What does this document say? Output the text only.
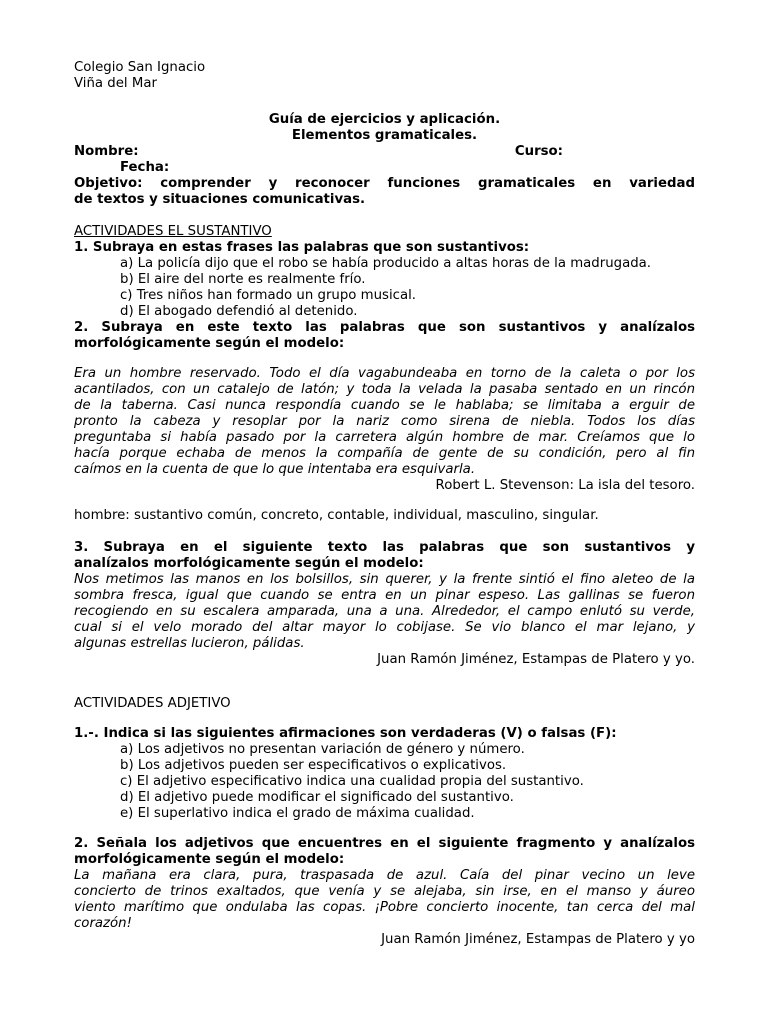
Colegio San Ignacio
Viña del Mar
Guía de ejercicios y aplicación.
Elementos gramaticales.
Nombre:	Curso:
Fecha:
Objetivo: comprender y reconocer funciones gramaticales en variedad
de textos y situaciones comunicativas.
ACTIVIDADES EL SUSTANTIVO
1. Subraya en estas frases las palabras que son sustantivos:
a) La policía dijo que el robo se había producido a altas horas de la madrugada.
b) El aire del norte es realmente frío.
c) Tres niños han formado un grupo musical.
d) El abogado defendió al detenido.
2. Subraya en este texto las palabras que son sustantivos y analízalos
morfológicamente según el modelo:
Era un hombre reservado. Todo el día vagabundeaba en torno de la caleta o por los
acantilados, con un catalejo de latón; y toda la velada la pasaba sentado en un rincón
de la taberna. Casi nunca respondía cuando se le hablaba; se limitaba a erguir de
pronto la cabeza y resoplar por la nariz como sirena de niebla. Todos los días
preguntaba si había pasado por la carretera algún hombre de mar. Creíamos que lo
hacía porque echaba de menos la compañía de gente de su condición, pero al fin
caímos en la cuenta de que lo que intentaba era esquivarla.
Robert L. Stevenson: La isla del tesoro.
hombre: sustantivo común, concreto, contable, individual, masculino, singular.
3. Subraya en el siguiente texto las palabras que son sustantivos y
analízalos morfológicamente según el modelo:
Nos metimos las manos en los bolsillos, sin querer, y la frente sintió el fino aleteo de la
sombra fresca, igual que cuando se entra en un pinar espeso. Las gallinas se fueron
recogiendo en su escalera amparada, una a una. Alrededor, el campo enlutó su verde,
cual si el velo morado del altar mayor lo cobijase. Se vio blanco el mar lejano, y
algunas estrellas lucieron, pálidas.
Juan Ramón Jiménez, Estampas de Platero y yo.
ACTIVIDADES ADJETIVO
1.-. Indica si las siguientes afirmaciones son verdaderas (V) o falsas (F):
a) Los adjetivos no presentan variación de género y número.
b) Los adjetivos pueden ser especificativos o explicativos.
c) El adjetivo especificativo indica una cualidad propia del sustantivo.
d) El adjetivo puede modificar el significado del sustantivo.
e) El superlativo indica el grado de máxima cualidad.
2. Señala los adjetivos que encuentres en el siguiente fragmento y analízalos
morfológicamente según el modelo:
La mañana era clara, pura, traspasada de azul. Caía del pinar vecino un leve
concierto de trinos exaltados, que venía y se alejaba, sin irse, en el manso y áureo
viento marítimo que ondulaba las copas. ¡Pobre concierto inocente, tan cerca del mal
corazón!
Juan Ramón Jiménez, Estampas de Platero y yo
